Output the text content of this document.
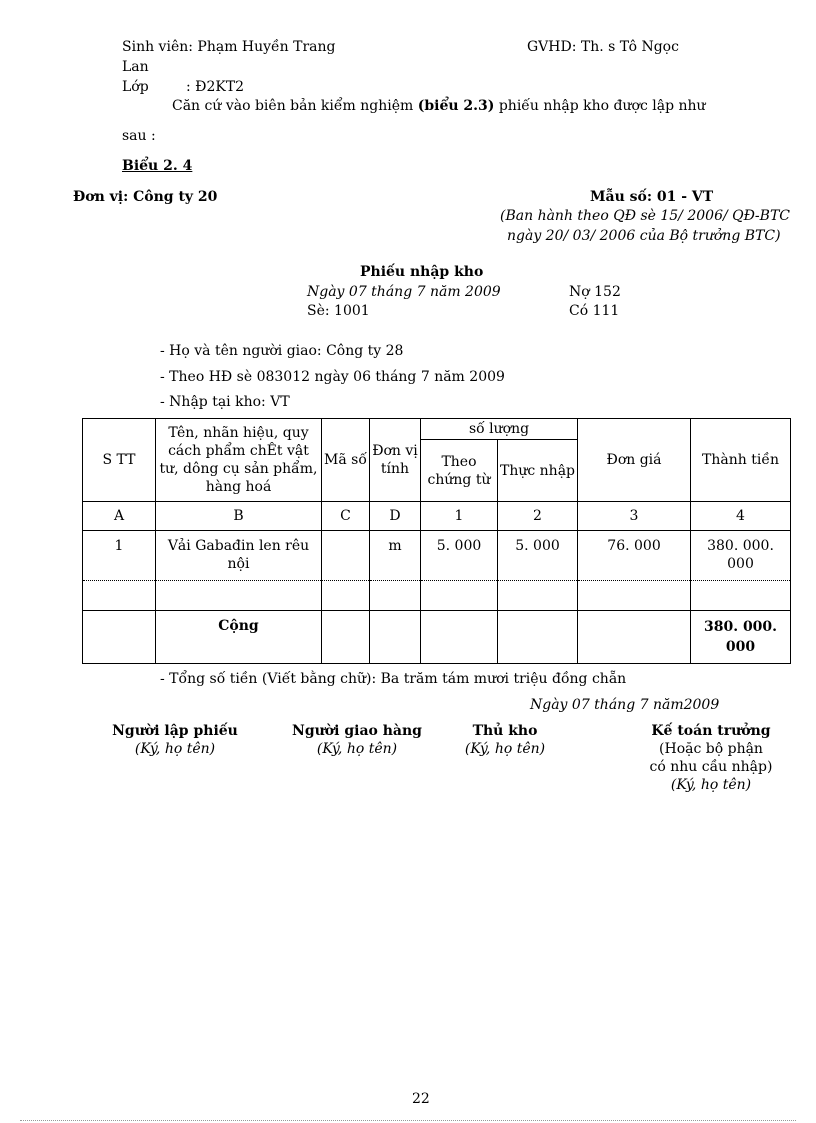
Sinh viên: Phạm Huyền Trang	GVHD: Th. s Tô Ngọc
Lan
Lớp	: Đ2KT2
Căn cứ vào biên bản kiểm nghiệm (biểu 2.3) phiếu nhập kho được lập như
sau :
Biểu 2. 4
Đơn vị: Công ty 20	Mẫu số: 01 - VT
(Ban hành theo QĐ sè 15/ 2006/ QĐ-BTC
ngày 20/ 03/ 2006 của Bộ trưởng BTC)
Phiếu nhập kho
Ngày 07 tháng 7 năm 2009	Nợ 152
Sè: 1001	Có 111
- Họ và tên người giao: Công ty 28
- Theo HĐ sè 083012 ngày 06 tháng 7 năm 2009
- Nhập tại kho: VT
S TT	Tên, nhãn hiệu, quy cách phẩm chÊt vật tư, dông cụ sản phẩm, hàng hoá	Mã số	Đơn vị tính	số lượng		Đơn giá	Thành tiền
				Theo chứng từ	Thực nhập		
A	B	C	D	1	2	3	4
1	Vải Gabađin len rêu nội		m	5. 000	5. 000	76. 000	380. 000. 000

	Cộng						380. 000. 000
- Tổng số tiền (Viết bằng chữ): Ba trăm tám mươi triệu đồng chẵn
Ngày 07 tháng 7 năm2009
Người lập phiếu
(Ký, họ tên)
Người giao hàng
(Ký, họ tên)
Thủ kho
(Ký, họ tên)
Kế toán trưởng
(Hoặc bộ phận
có nhu cầu nhập)
(Ký, họ tên)
22
